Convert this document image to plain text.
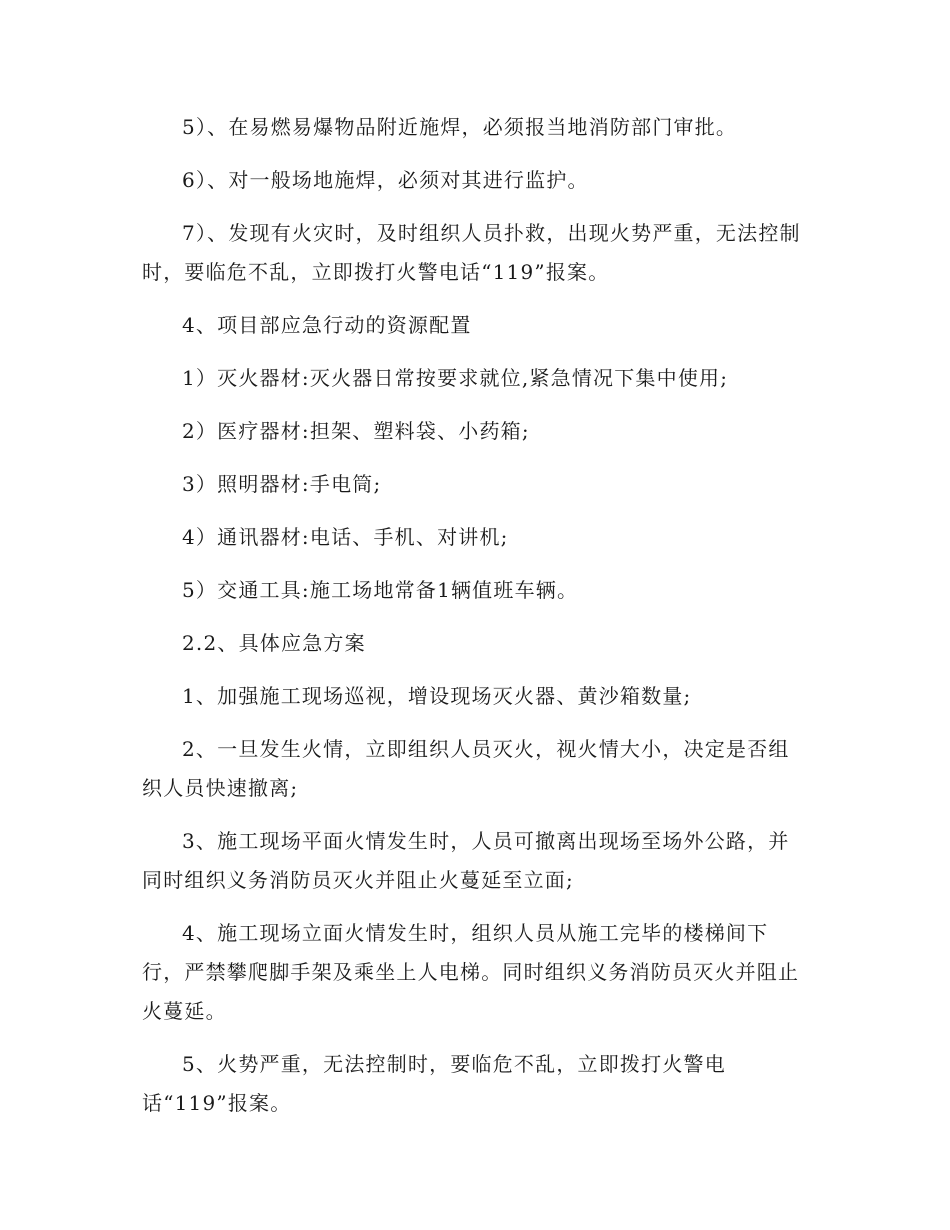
5）、在易燃易爆物品附近施焊，必须报当地消防部门审批。

6）、对一般场地施焊，必须对其进行监护。

7）、发现有火灾时，及时组织人员扑救，出现火势严重，无法控制时，要临危不乱，立即拨打火警电话“119”报案。

4、项目部应急行动的资源配置

1）灭火器材:灭火器日常按要求就位,紧急情况下集中使用;

2）医疗器材:担架、塑料袋、小药箱;

3）照明器材:手电筒;

4）通讯器材:电话、手机、对讲机;

5）交通工具:施工场地常备1辆值班车辆。

2.2、具体应急方案

1、加强施工现场巡视，增设现场灭火器、黄沙箱数量;

2、一旦发生火情，立即组织人员灭火，视火情大小，决定是否组织人员快速撤离;

3、施工现场平面火情发生时，人员可撤离出现场至场外公路，并同时组织义务消防员灭火并阻止火蔓延至立面;

4、施工现场立面火情发生时，组织人员从施工完毕的楼梯间下行，严禁攀爬脚手架及乘坐上人电梯。同时组织义务消防员灭火并阻止火蔓延。

5、火势严重，无法控制时，要临危不乱，立即拨打火警电
话“119”报案。
